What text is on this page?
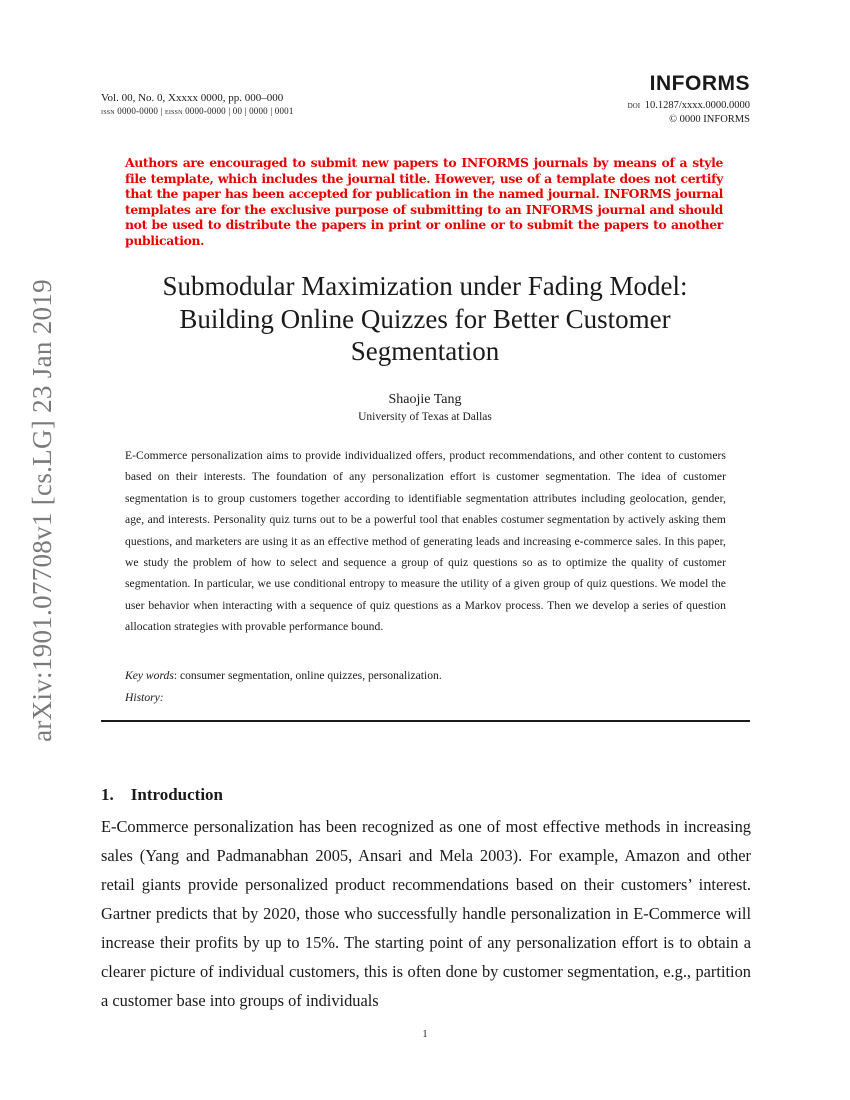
arXiv:1901.07708v1 [cs.LG] 23 Jan 2019
Vol. 00, No. 0, Xxxxx 0000, pp. 000–000
issn 0000-0000 | eissn 0000-0000 | 00 | 0000 | 0001
INFORMS
doi 10.1287/xxxx.0000.0000
© 0000 INFORMS
Authors are encouraged to submit new papers to INFORMS journals by means of a style file template, which includes the journal title. However, use of a template does not certify that the paper has been accepted for publication in the named journal. INFORMS journal templates are for the exclusive purpose of submitting to an INFORMS journal and should not be used to distribute the papers in print or online or to submit the papers to another publication.
Submodular Maximization under Fading Model:
Building Online Quizzes for Better Customer
Segmentation
Shaojie Tang
University of Texas at Dallas
E-Commerce personalization aims to provide individualized offers, product recommendations, and other content to customers based on their interests. The foundation of any personalization effort is customer segmentation. The idea of customer segmentation is to group customers together according to identifiable segmentation attributes including geolocation, gender, age, and interests. Personality quiz turns out to be a powerful tool that enables costumer segmentation by actively asking them questions, and marketers are using it as an effective method of generating leads and increasing e-commerce sales. In this paper, we study the problem of how to select and sequence a group of quiz questions so as to optimize the quality of customer segmentation. In particular, we use conditional entropy to measure the utility of a given group of quiz questions. We model the user behavior when interacting with a sequence of quiz questions as a Markov process. Then we develop a series of question allocation strategies with provable performance bound.
Key words: consumer segmentation, online quizzes, personalization.
History:
1. Introduction
E-Commerce personalization has been recognized as one of most effective methods in increasing sales (Yang and Padmanabhan 2005, Ansari and Mela 2003). For example, Amazon and other retail giants provide personalized product recommendations based on their customers’ interest. Gartner predicts that by 2020, those who successfully handle personalization in E-Commerce will increase their profits by up to 15%. The starting point of any personalization effort is to obtain a clearer picture of individual customers, this is often done by customer segmentation, e.g., partition a customer base into groups of individuals
1
